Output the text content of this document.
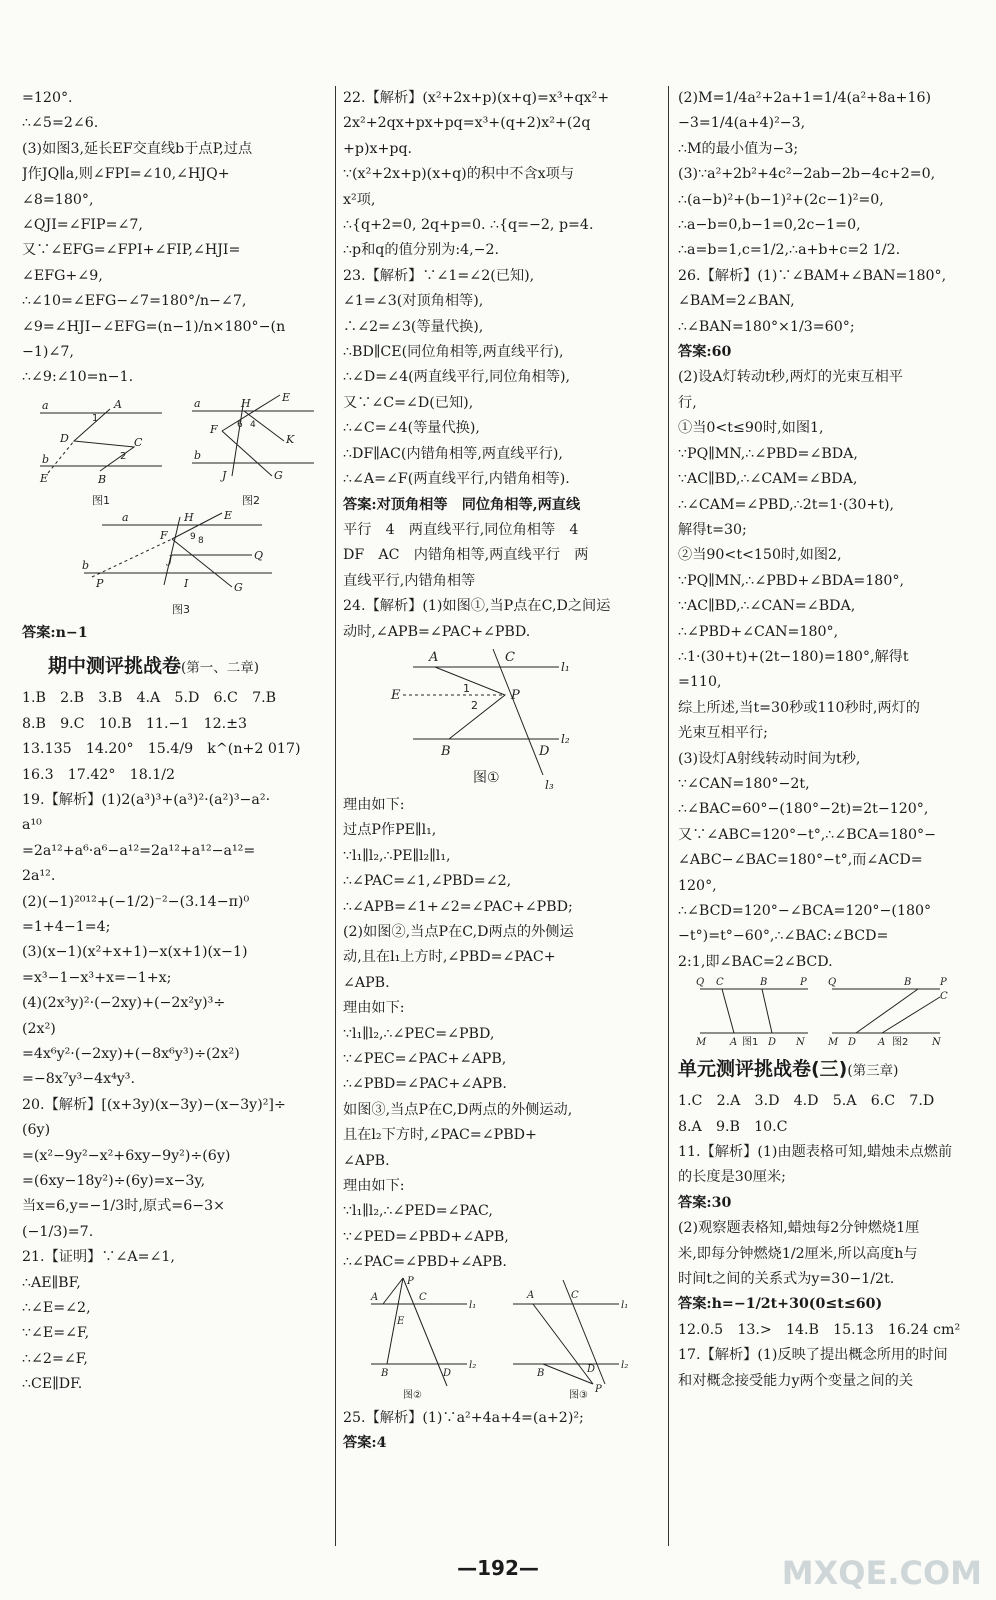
=120°.
∴∠5=2∠6.
(3)如图3,延长EF交直线b于点P,过点
J作JQ∥a,则∠FPI=∠10,∠HJQ+
∠8=180°,
∠QJI=∠FIP=∠7,
又∵∠EFG=∠FPI+∠FIP,∠HJI=
∠EFG+∠9,
∴∠10=∠EFG−∠7=180°/n−∠7,
∠9=∠HJI−∠EFG=(n−1)/n×180°−(n
−1)∠7,
∴∠9:∠10=n−1.
a	A
D	C
b
E	B
1
2
图1
a	H	E
F
K
b
J	G
6 4
图2
a	H	E
F
b
P
J	Q
I	G
9 8
图3
答案:n−1
期中测评挑战卷(第一、二章)
1.B　2.B　3.B　4.A　5.D　6.C　7.B
8.B　9.C　10.B　11.−1　12.±3
13.135　14.20°　15.4/9　k^(n+2 017)
16.3　17.42°　18.1/2
19.【解析】(1)2(a³)³+(a³)²·(a²)³−a²·
a¹⁰
=2a¹²+a⁶·a⁶−a¹²=2a¹²+a¹²−a¹²=
2a¹².
(2)(−1)²⁰¹²+(−1/2)⁻²−(3.14−π)⁰
=1+4−1=4;
(3)(x−1)(x²+x+1)−x(x+1)(x−1)
=x³−1−x³+x=−1+x;
(4)(2x³y)²·(−2xy)+(−2x²y)³÷
(2x²)
=4x⁶y²·(−2xy)+(−8x⁶y³)÷(2x²)
=−8x⁷y³−4x⁴y³.
20.【解析】[(x+3y)(x−3y)−(x−3y)²]÷
(6y)
=(x²−9y²−x²+6xy−9y²)÷(6y)
=(6xy−18y²)÷(6y)=x−3y,
当x=6,y=−1/3时,原式=6−3×
(−1/3)=7.
21.【证明】∵∠A=∠1,
∴AE∥BF,
∴∠E=∠2,
∵∠E=∠F,
∴∠2=∠F,
∴CE∥DF.
22.【解析】(x²+2x+p)(x+q)=x³+qx²+
2x²+2qx+px+pq=x³+(q+2)x²+(2q
+p)x+pq.
∵(x²+2x+p)(x+q)的积中不含x项与
x²项,
∴{q+2=0, 2q+p=0. ∴{q=−2, p=4.
∴p和q的值分别为:4,−2.
23.【解析】∵∠1=∠2(已知),
∠1=∠3(对顶角相等),
∴∠2=∠3(等量代换),
∴BD∥CE(同位角相等,两直线平行),
∴∠D=∠4(两直线平行,同位角相等),
又∵∠C=∠D(已知),
∴∠C=∠4(等量代换),
∴DF∥AC(内错角相等,两直线平行),
∴∠A=∠F(两直线平行,内错角相等).
答案:对顶角相等　同位角相等,两直线
平行　4　两直线平行,同位角相等　4
DF　AC　内错角相等,两直线平行　两
直线平行,内错角相等
24.【解析】(1)如图①,当P点在C,D之间运
动时,∠APB=∠PAC+∠PBD.
A	C
l₁
E	P
B	D
l₂
l₃
1
2
图①
理由如下:
过点P作PE∥l₁,
∵l₁∥l₂,∴PE∥l₂∥l₁,
∴∠PAC=∠1,∠PBD=∠2,
∴∠APB=∠1+∠2=∠PAC+∠PBD;
(2)如图②,当点P在C,D两点的外侧运
动,且在l₁上方时,∠PBD=∠PAC+
∠APB.
理由如下:
∵l₁∥l₂,∴∠PEC=∠PBD,
∵∠PEC=∠PAC+∠APB,
∴∠PBD=∠PAC+∠APB.
如图③,当点P在C,D两点的外侧运动,
且在l₂下方时,∠PAC=∠PBD+
∠APB.
理由如下:
∵l₁∥l₂,∴∠PED=∠PAC,
∵∠PED=∠PBD+∠APB,
∴∠PAC=∠PBD+∠APB.
A
P
C
E
l₁
B	D
l₂
图②
A	C
l₁
B	D	l₂
P
图③
25.【解析】(1)∵a²+4a+4=(a+2)²;
答案:4
(2)M=1/4a²+2a+1=1/4(a²+8a+16)
−3=1/4(a+4)²−3,
∴M的最小值为−3;
(3)∵a²+2b²+4c²−2ab−2b−4c+2=0,
∴(a−b)²+(b−1)²+(2c−1)²=0,
∴a−b=0,b−1=0,2c−1=0,
∴a=b=1,c=1/2,∴a+b+c=2 1/2.
26.【解析】(1)∵∠BAM+∠BAN=180°,
∠BAM=2∠BAN,
∴∠BAN=180°×1/3=60°;
答案:60
(2)设A灯转动t秒,两灯的光束互相平
行,
①当0<t≤90时,如图1,
∵PQ∥MN,∴∠PBD=∠BDA,
∵AC∥BD,∴∠CAM=∠BDA,
∴∠CAM=∠PBD,∴2t=1·(30+t),
解得t=30;
②当90<t<150时,如图2,
∵PQ∥MN,∴∠PBD+∠BDA=180°,
∵AC∥BD,∴∠CAN=∠BDA,
∴∠PBD+∠CAN=180°,
∴1·(30+t)+(2t−180)=180°,解得t
=110,
综上所述,当t=30秒或110秒时,两灯的
光束互相平行;
(3)设灯A射线转动时间为t秒,
∵∠CAN=180°−2t,
∴∠BAC=60°−(180°−2t)=2t−120°,
又∵∠ABC=120°−t°,∴∠BCA=180°−
∠ABC−∠BAC=180°−t°,而∠ACD=
120°,
∴∠BCD=120°−∠BCA=120°−(180°
−t°)=t°−60°,∴∠BAC:∠BCD=
2:1,即∠BAC=2∠BCD.
Q C	B	P
M A	D N
图1
Q	B	P
C
M D A	N
图2
单元测评挑战卷(三)(第三章)
1.C　2.A　3.D　4.D　5.A　6.C　7.D
8.A　9.B　10.C
11.【解析】(1)由题表格可知,蜡烛未点燃前
的长度是30厘米;
答案:30
(2)观察题表格知,蜡烛每2分钟燃烧1厘
米,即每分钟燃烧1/2厘米,所以高度h与
时间t之间的关系式为y=30−1/2t.
答案:h=−1/2t+30(0≤t≤60)
12.0.5　13.>　14.B　15.13　16.24 cm²
17.【解析】(1)反映了提出概念所用的时间
和对概念接受能力y两个变量之间的关
—192—	MXQE.COM
